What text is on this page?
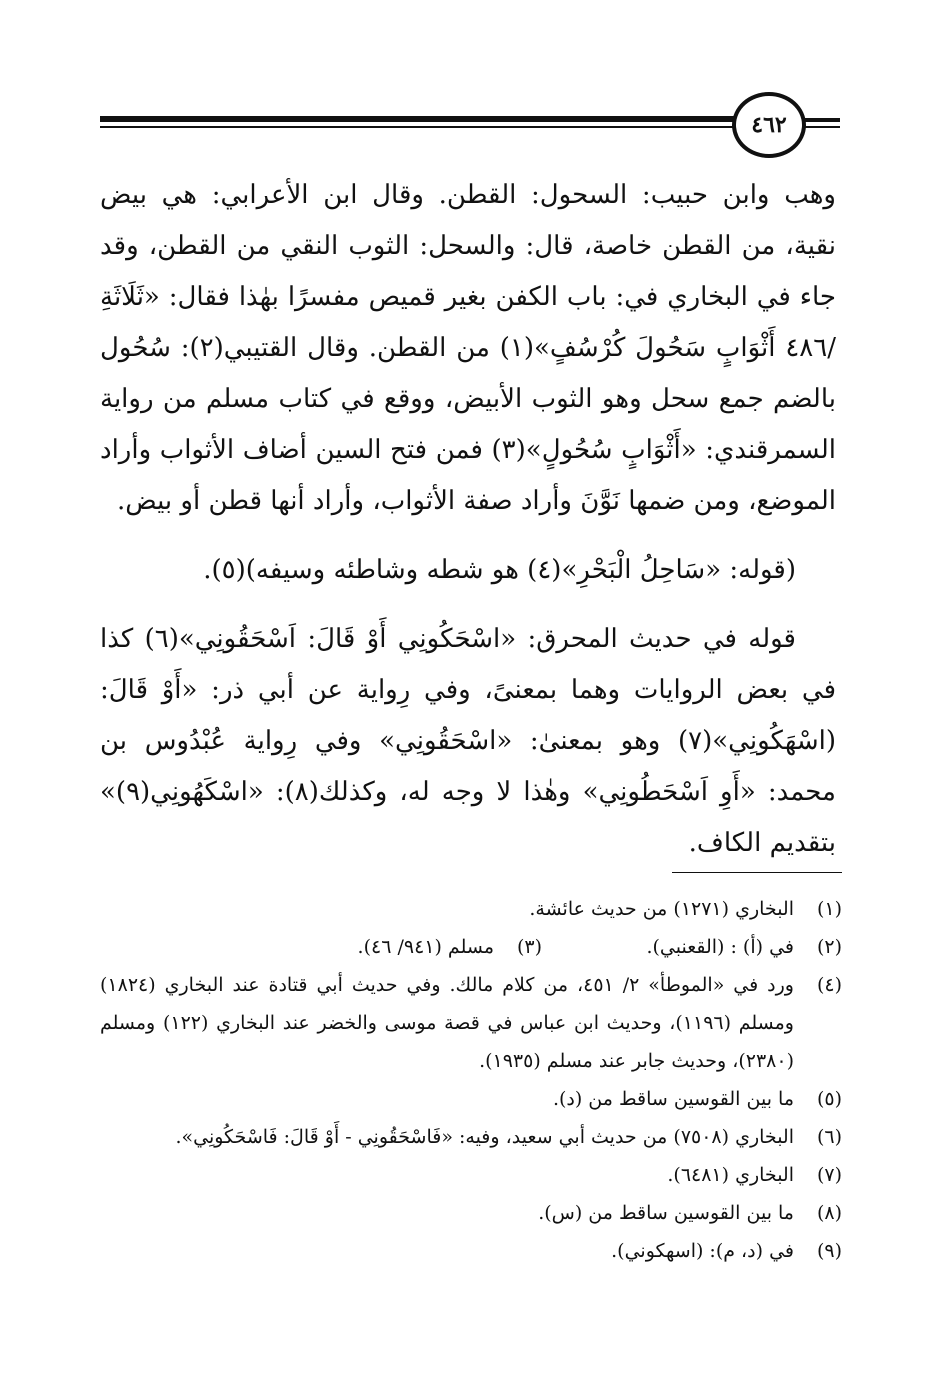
٤٦٢

وهب وابن حبيب: السحول: القطن. وقال ابن الأعرابي: هي بيض نقية، من القطن خاصة، قال: والسحل: الثوب النقي من القطن، وقد جاء في البخاري في: باب الكفن بغير قميص مفسرًا بهٰذا فقال: «ثَلَاثَةِ /٤٨٦ أَثْوَابٍ سَحُولَ كُرْسُفٍ»(١) من القطن. وقال القتيبي(٢): سُحُول بالضم جمع سحل وهو الثوب الأبيض، ووقع في كتاب مسلم من رواية السمرقندي: «أَثْوَابٍ سُحُولٍ»(٣) فمن فتح السين أضاف الأثواب وأراد الموضع، ومن ضمها نَوَّنَ وأراد صفة الأثواب، وأراد أنها قطن أو بيض.

(قوله: «سَاحِلُ الْبَحْرِ»(٤) هو شطه وشاطئه وسيفه)(٥).

قوله في حديث المحرق: «اسْحَكُونِي أَوْ قَالَ: اَسْحَقُونِي»(٦) كذا في بعض الروايات وهما بمعنىً، وفي رِواية عن أبي ذر: «أَوْ قَالَ: (اسْهَكُونِي»(٧) وهو بمعنىٰ: «اسْحَقُونِي» وفي رِواية عُبْدُوس بن محمد: «أَوِ اَسْحَطُونِي» وهٰذا لا وجه له، وكذلك(٨): «اسْكَهُونِي(٩)» بتقديم الكاف.

(١)
البخاري (١٢٧١) من حديث عائشة.
(٢)
في (أ) : (القعنبي).
(٣)
مسلم (٩٤١/ ٤٦).
(٤)
ورد في «الموطأ» ٢/ ٤٥١، من كلام مالك. وفي حديث أبي قتادة عند البخاري (١٨٢٤) ومسلم (١١٩٦)، وحديث ابن عباس في قصة موسى والخضر عند البخاري (١٢٢) ومسلم (٢٣٨٠)، وحديث جابر عند مسلم (١٩٣٥).
(٥)
ما بين القوسين ساقط من (د).
(٦)
البخاري (٧٥٠٨) من حديث أبي سعيد، وفيه: «فَاسْحَقُونِي - أَوْ قَالَ: فَاسْحَكُونِي».
(٧)
البخاري (٦٤٨١).
(٨)
ما بين القوسين ساقط من (س).
(٩)
في (د، م): (اسهكوني).
